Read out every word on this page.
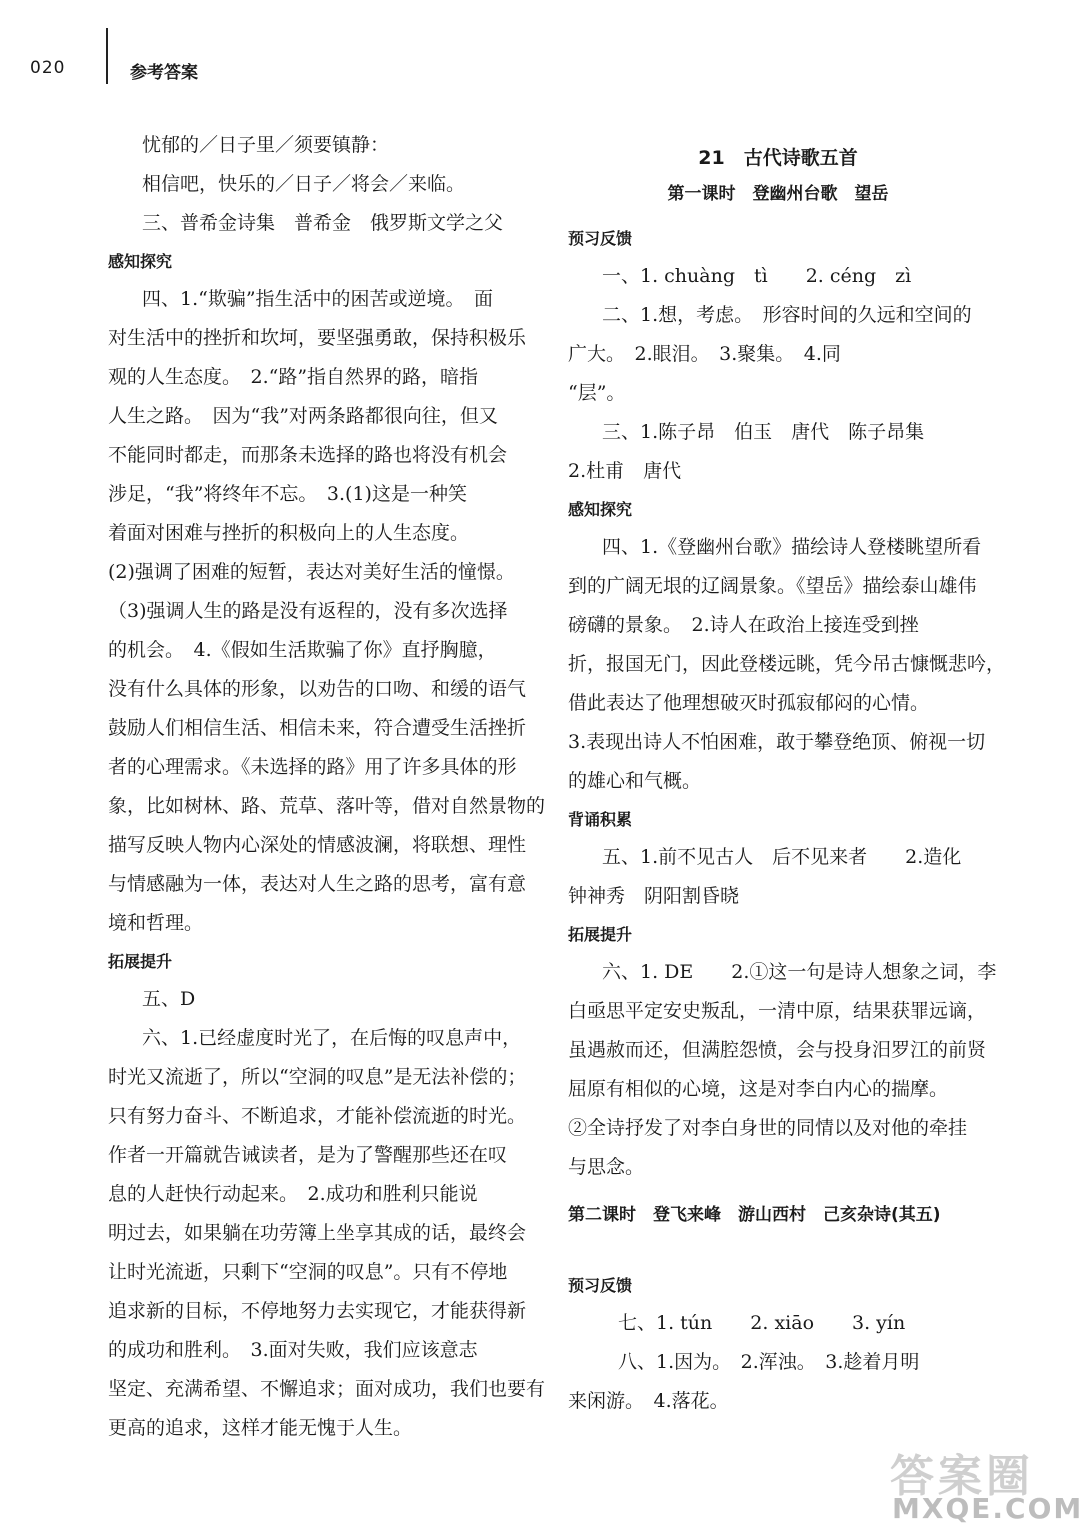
020	参考答案
忧郁的／日子里／须要镇静：
相信吧，快乐的／日子／将会／来临。
三、普希金诗集　普希金　俄罗斯文学之父
感知探究
四、1.“欺骗”指生活中的困苦或逆境。　面
对生活中的挫折和坎坷，要坚强勇敢，保持积极乐
观的人生态度。　2.“路”指自然界的路，暗指
人生之路。　因为“我”对两条路都很向往，但又
不能同时都走，而那条未选择的路也将没有机会
涉足，“我”将终年不忘。　3.(1)这是一种笑
着面对困难与挫折的积极向上的人生态度。
(2)强调了困难的短暂，表达对美好生活的憧憬。
（3)强调人生的路是没有返程的，没有多次选择
的机会。　4.《假如生活欺骗了你》直抒胸臆，
没有什么具体的形象，以劝告的口吻、和缓的语气
鼓励人们相信生活、相信未来，符合遭受生活挫折
者的心理需求。《未选择的路》用了许多具体的形
象，比如树林、路、荒草、落叶等，借对自然景物的
描写反映人物内心深处的情感波澜，将联想、理性
与情感融为一体，表达对人生之路的思考，富有意
境和哲理。
拓展提升
五、D
六、1.已经虚度时光了，在后悔的叹息声中，
时光又流逝了，所以“空洞的叹息”是无法补偿的；
只有努力奋斗、不断追求，才能补偿流逝的时光。
作者一开篇就告诫读者，是为了警醒那些还在叹
息的人赶快行动起来。　2.成功和胜利只能说
明过去，如果躺在功劳簿上坐享其成的话，最终会
让时光流逝，只剩下“空洞的叹息”。只有不停地
追求新的目标，不停地努力去实现它，才能获得新
的成功和胜利。　3.面对失败，我们应该意志
坚定、充满希望、不懈追求；面对成功，我们也要有
更高的追求，这样才能无愧于人生。
21　古代诗歌五首
第一课时　登幽州台歌　望岳
预习反馈
一、1. chuàng　tì　　2. céng　zì
二、1.想，考虑。　形容时间的久远和空间的
广大。　2.眼泪。　3.聚集。　4.同
“层”。
三、1.陈子昂　伯玉　唐代　陈子昂集
2.杜甫　唐代
感知探究
四、1.《登幽州台歌》描绘诗人登楼眺望所看
到的广阔无垠的辽阔景象。《望岳》描绘泰山雄伟
磅礴的景象。　2.诗人在政治上接连受到挫
折，报国无门，因此登楼远眺，凭今吊古慷慨悲吟，
借此表达了他理想破灭时孤寂郁闷的心情。
3.表现出诗人不怕困难，敢于攀登绝顶、俯视一切
的雄心和气概。
背诵积累
五、1.前不见古人　后不见来者　　2.造化
钟神秀　阴阳割昏晓
拓展提升
六、1. DE　　2.①这一句是诗人想象之词，李
白亟思平定安史叛乱，一清中原，结果获罪远谪，
虽遇赦而还，但满腔怨愤，会与投身汨罗江的前贤
屈原有相似的心境，这是对李白内心的揣摩。
②全诗抒发了对李白身世的同情以及对他的牵挂
与思念。
第二课时　登飞来峰　游山西村　己亥杂诗(其五)
预习反馈
七、1. tún　　2. xiāo　　3. yín
八、1.因为。　2.浑浊。　3.趁着月明
来闲游。　4.落花。
答案圈
MXQE.COM
